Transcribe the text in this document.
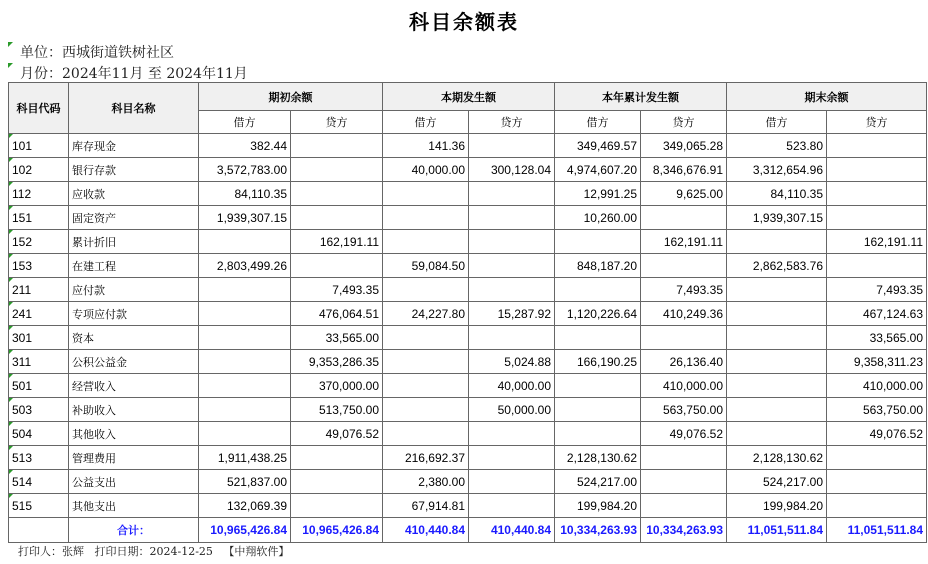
科目余额表
单位：西城街道铁树社区
月份：2024年11月 至 2024年11月
科目代码	科目名称	期初余额		本期发生额		本年累计发生额		期末余额	
		借方	贷方	借方	贷方	借方	贷方	借方	贷方
101	库存现金	382.44		141.36		349,469.57	349,065.28	523.80	
102	银行存款	3,572,783.00		40,000.00	300,128.04	4,974,607.20	8,346,676.91	3,312,654.96	
112	应收款	84,110.35				12,991.25	9,625.00	84,110.35	
151	固定资产	1,939,307.15				10,260.00		1,939,307.15	
152	累计折旧		162,191.11				162,191.11		162,191.11
153	在建工程	2,803,499.26		59,084.50		848,187.20		2,862,583.76	
211	应付款		7,493.35				7,493.35		7,493.35
241	专项应付款		476,064.51	24,227.80	15,287.92	1,120,226.64	410,249.36		467,124.63
301	资本		33,565.00						33,565.00
311	公积公益金		9,353,286.35		5,024.88	166,190.25	26,136.40		9,358,311.23
501	经营收入		370,000.00		40,000.00		410,000.00		410,000.00
503	补助收入		513,750.00		50,000.00		563,750.00		563,750.00
504	其他收入		49,076.52				49,076.52		49,076.52
513	管理费用	1,911,438.25		216,692.37		2,128,130.62		2,128,130.62	
514	公益支出	521,837.00		2,380.00		524,217.00		524,217.00	
515	其他支出	132,069.39		67,914.81		199,984.20		199,984.20	
	合计：	10,965,426.84	10,965,426.84	410,440.84	410,440.84	10,334,263.93	10,334,263.93	11,051,511.84	11,051,511.84
打印人：张辉   打印日期：2024-12-25   【中翔软件】
